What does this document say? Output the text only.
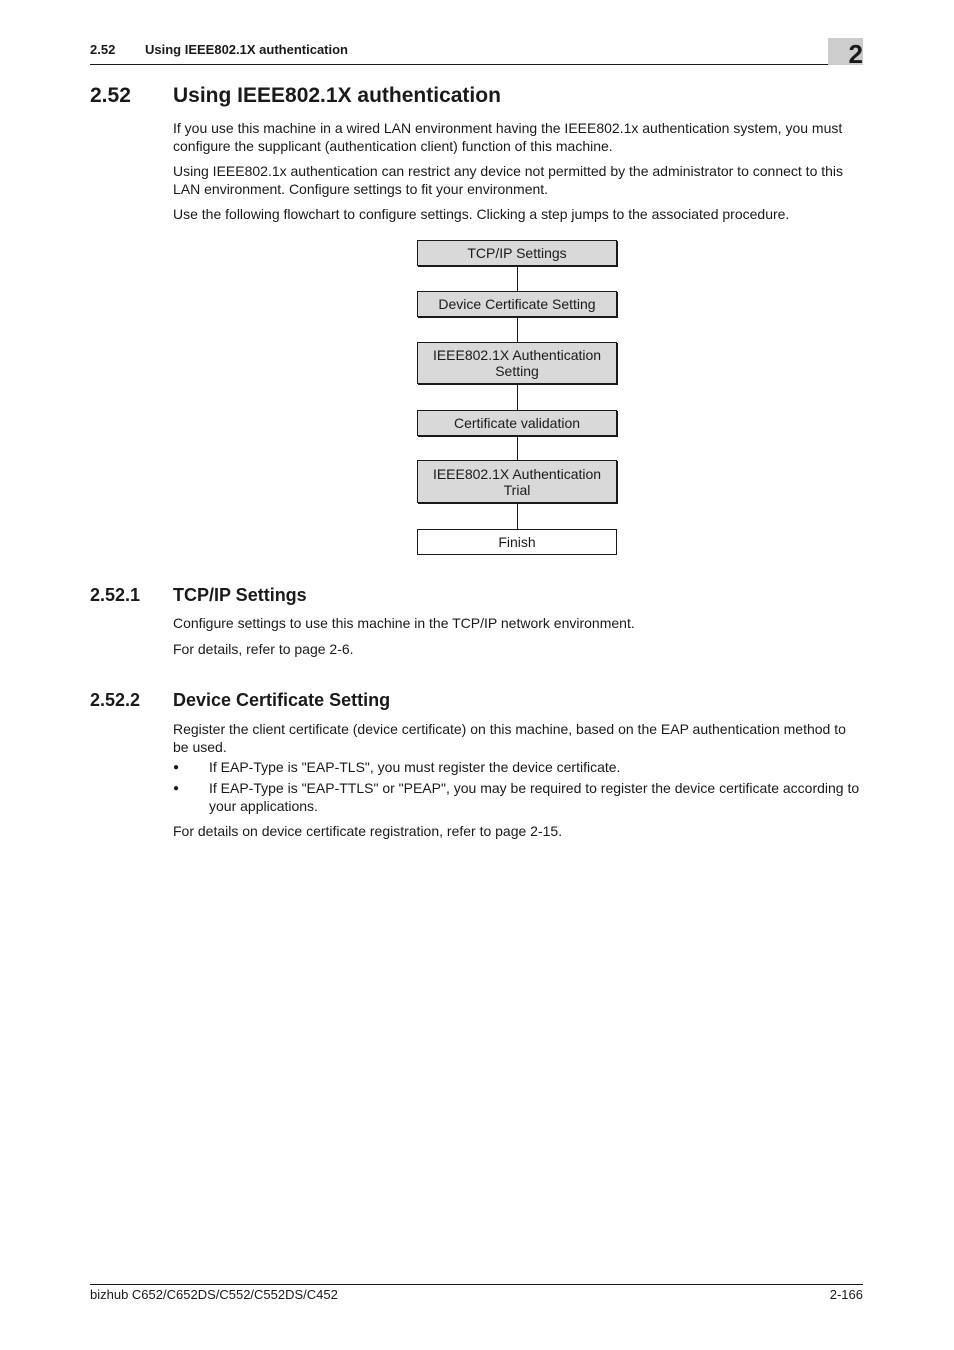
2.52 Using IEEE802.1X authentication	2
2.52 Using IEEE802.1X authentication

If you use this machine in a wired LAN environment having the IEEE802.1x authentication system, you must configure the supplicant (authentication client) function of this machine.

Using IEEE802.1x authentication can restrict any device not permitted by the administrator to connect to this LAN environment. Configure settings to fit your environment.

Use the following flowchart to configure settings. Clicking a step jumps to the associated procedure.

TCP/IP Settings
Device Certificate Setting
IEEE802.1X Authentication Setting
Certificate validation
IEEE802.1X Authentication Trial
Finish
2.52.1 TCP/IP Settings

Configure settings to use this machine in the TCP/IP network environment.

For details, refer to page 2-6.

2.52.2 Device Certificate Setting

Register the client certificate (device certificate) on this machine, based on the EAP authentication method to be used.

● If EAP-Type is "EAP-TLS", you must register the device certificate.

● If EAP-Type is "EAP-TTLS" or "PEAP", you may be required to register the device certificate according to your applications.

For details on device certificate registration, refer to page 2-15.

bizhub C652/C652DS/C552/C552DS/C452	2-166
